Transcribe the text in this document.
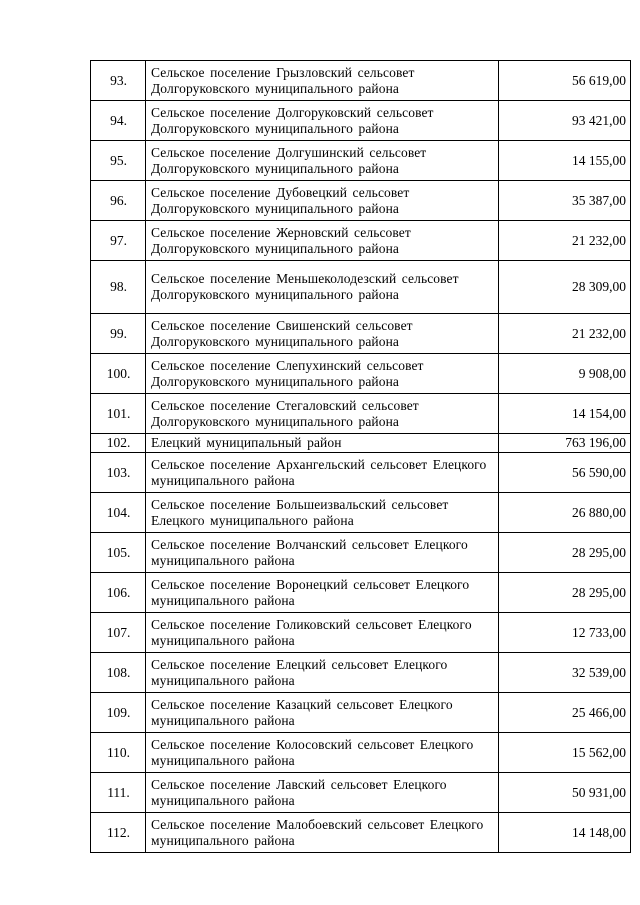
93.	Сельское поселение Грызловский сельсовет Долгоруковского муниципального района	56 619,00
94.	Сельское поселение Долгоруковский сельсовет Долгоруковского муниципального района	93 421,00
95.	Сельское поселение Долгушинский сельсовет Долгоруковского муниципального района	14 155,00
96.	Сельское поселение Дубовецкий сельсовет Долгоруковского муниципального района	35 387,00
97.	Сельское поселение Жерновский сельсовет Долгоруковского муниципального района	21 232,00
98.	Сельское поселение Меньшеколодезский сельсовет Долгоруковского муниципального района	28 309,00
99.	Сельское поселение Свишенский сельсовет Долгоруковского муниципального района	21 232,00
100.	Сельское поселение Слепухинский сельсовет Долгоруковского муниципального района	9 908,00
101.	Сельское поселение Стегаловский сельсовет Долгоруковского муниципального района	14 154,00
102.	Елецкий муниципальный район	763 196,00
103.	Сельское поселение Архангельский сельсовет Елецкого муниципального района	56 590,00
104.	Сельское поселение Большеизвальский сельсовет Елецкого муниципального района	26 880,00
105.	Сельское поселение Волчанский сельсовет Елецкого муниципального района	28 295,00
106.	Сельское поселение Воронецкий сельсовет Елецкого муниципального района	28 295,00
107.	Сельское поселение Голиковский сельсовет Елецкого муниципального района	12 733,00
108.	Сельское поселение Елецкий сельсовет Елецкого муниципального района	32 539,00
109.	Сельское поселение Казацкий сельсовет Елецкого муниципального района	25 466,00
110.	Сельское поселение Колосовский сельсовет Елецкого муниципального района	15 562,00
111.	Сельское поселение Лавский сельсовет Елецкого муниципального района	50 931,00
112.	Сельское поселение Малобоевский сельсовет Елецкого муниципального района	14 148,00
